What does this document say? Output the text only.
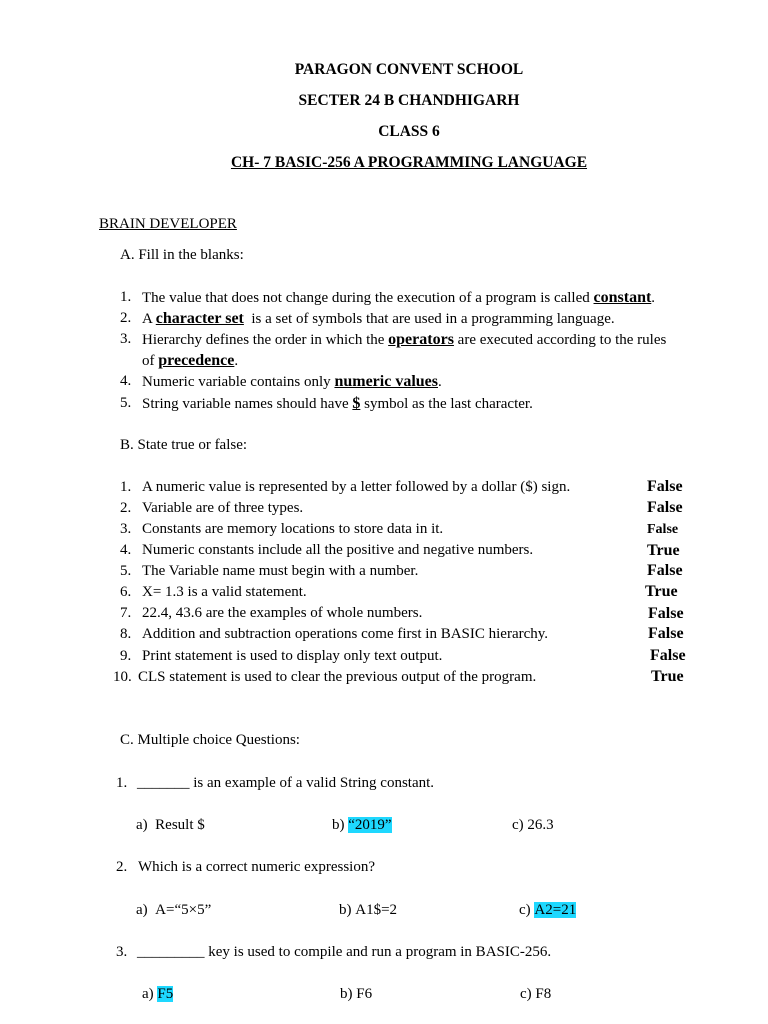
PARAGON CONVENT SCHOOL
SECTER 24 B CHANDHIGARH
CLASS 6
CH- 7 BASIC-256 A PROGRAMMING LANGUAGE
BRAIN DEVELOPER
A. Fill in the blanks:
1. The value that does not change during the execution of a program is called constant.
2. A character set  is a set of symbols that are used in a programming language.
3. Hierarchy defines the order in which the operators are executed according to the rules
of precedence.
4. Numeric variable contains only numeric values.
5. String variable names should have $ symbol as the last character.
B. State true or false:
1. A numeric value is represented by a letter followed by a dollar ($) sign.	False
2. Variable are of three types.	False
3. Constants are memory locations to store data in it.	False
4. Numeric constants include all the positive and negative numbers.	True
5. The Variable name must begin with a number.	False
6. X= 1.3 is a valid statement.	True
7. 22.4, 43.6 are the examples of whole numbers.	False
8. Addition and subtraction operations come first in BASIC hierarchy.	False
9. Print statement is used to display only text output.	False
10. CLS statement is used to clear the previous output of the program.	True
C. Multiple choice Questions:
1. _______ is an example of a valid String constant.
a) Result $	b) “2019”	c) 26.3
2. Which is a correct numeric expression?
a) A=“5×5”	b) A1$=2	c) A2=21
3. _________ key is used to compile and run a program in BASIC-256.
a) F5	b) F6	c) F8
